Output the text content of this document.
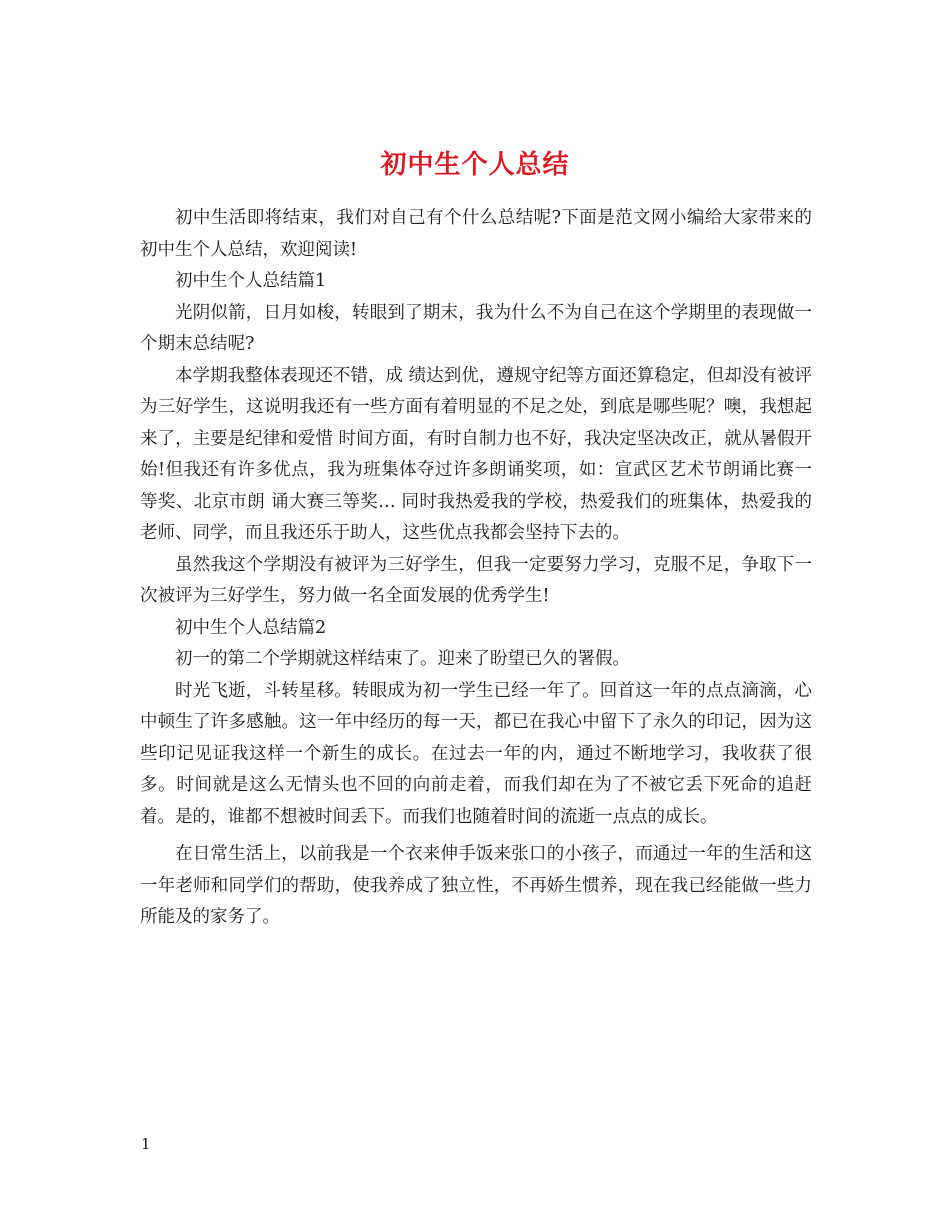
初中生个人总结

初中生活即将结束，我们对自己有个什么总结呢?下面是范文网小编给大家带来的初中生个人总结，欢迎阅读!

初中生个人总结篇1

光阴似箭，日月如梭，转眼到了期末，我为什么不为自己在这个学期里的表现做一个期末总结呢?

本学期我整体表现还不错，成 绩达到优，遵规守纪等方面还算稳定，但却没有被评为三好学生，这说明我还有一些方面有着明显的不足之处，到底是哪些呢？噢，我想起来了，主要是纪律和爱惜 时间方面，有时自制力也不好，我决定坚决改正，就从暑假开始!但我还有许多优点，我为班集体夺过许多朗诵奖项，如：宣武区艺术节朗诵比赛一等奖、北京市朗 诵大赛三等奖… 同时我热爱我的学校，热爱我们的班集体，热爱我的老师、同学，而且我还乐于助人，这些优点我都会坚持下去的。

虽然我这个学期没有被评为三好学生，但我一定要努力学习，克服不足，争取下一次被评为三好学生，努力做一名全面发展的优秀学生!

初中生个人总结篇2

初一的第二个学期就这样结束了。迎来了盼望已久的署假。

时光飞逝，斗转星移。转眼成为初一学生已经一年了。回首这一年的点点滴滴，心中顿生了许多感触。这一年中经历的每一天，都已在我心中留下了永久的印记，因为这些印记见证我这样一个新生的成长。在过去一年的内，通过不断地学习，我收获了很多。时间就是这么无情头也不回的向前走着，而我们却在为了不被它丢下死命的追赶着。是的，谁都不想被时间丢下。而我们也随着时间的流逝一点点的成长。

在日常生活上，以前我是一个衣来伸手饭来张口的小孩子，而通过一年的生活和这一年老师和同学们的帮助，使我养成了独立性，不再娇生惯养，现在我已经能做一些力所能及的家务了。

1
